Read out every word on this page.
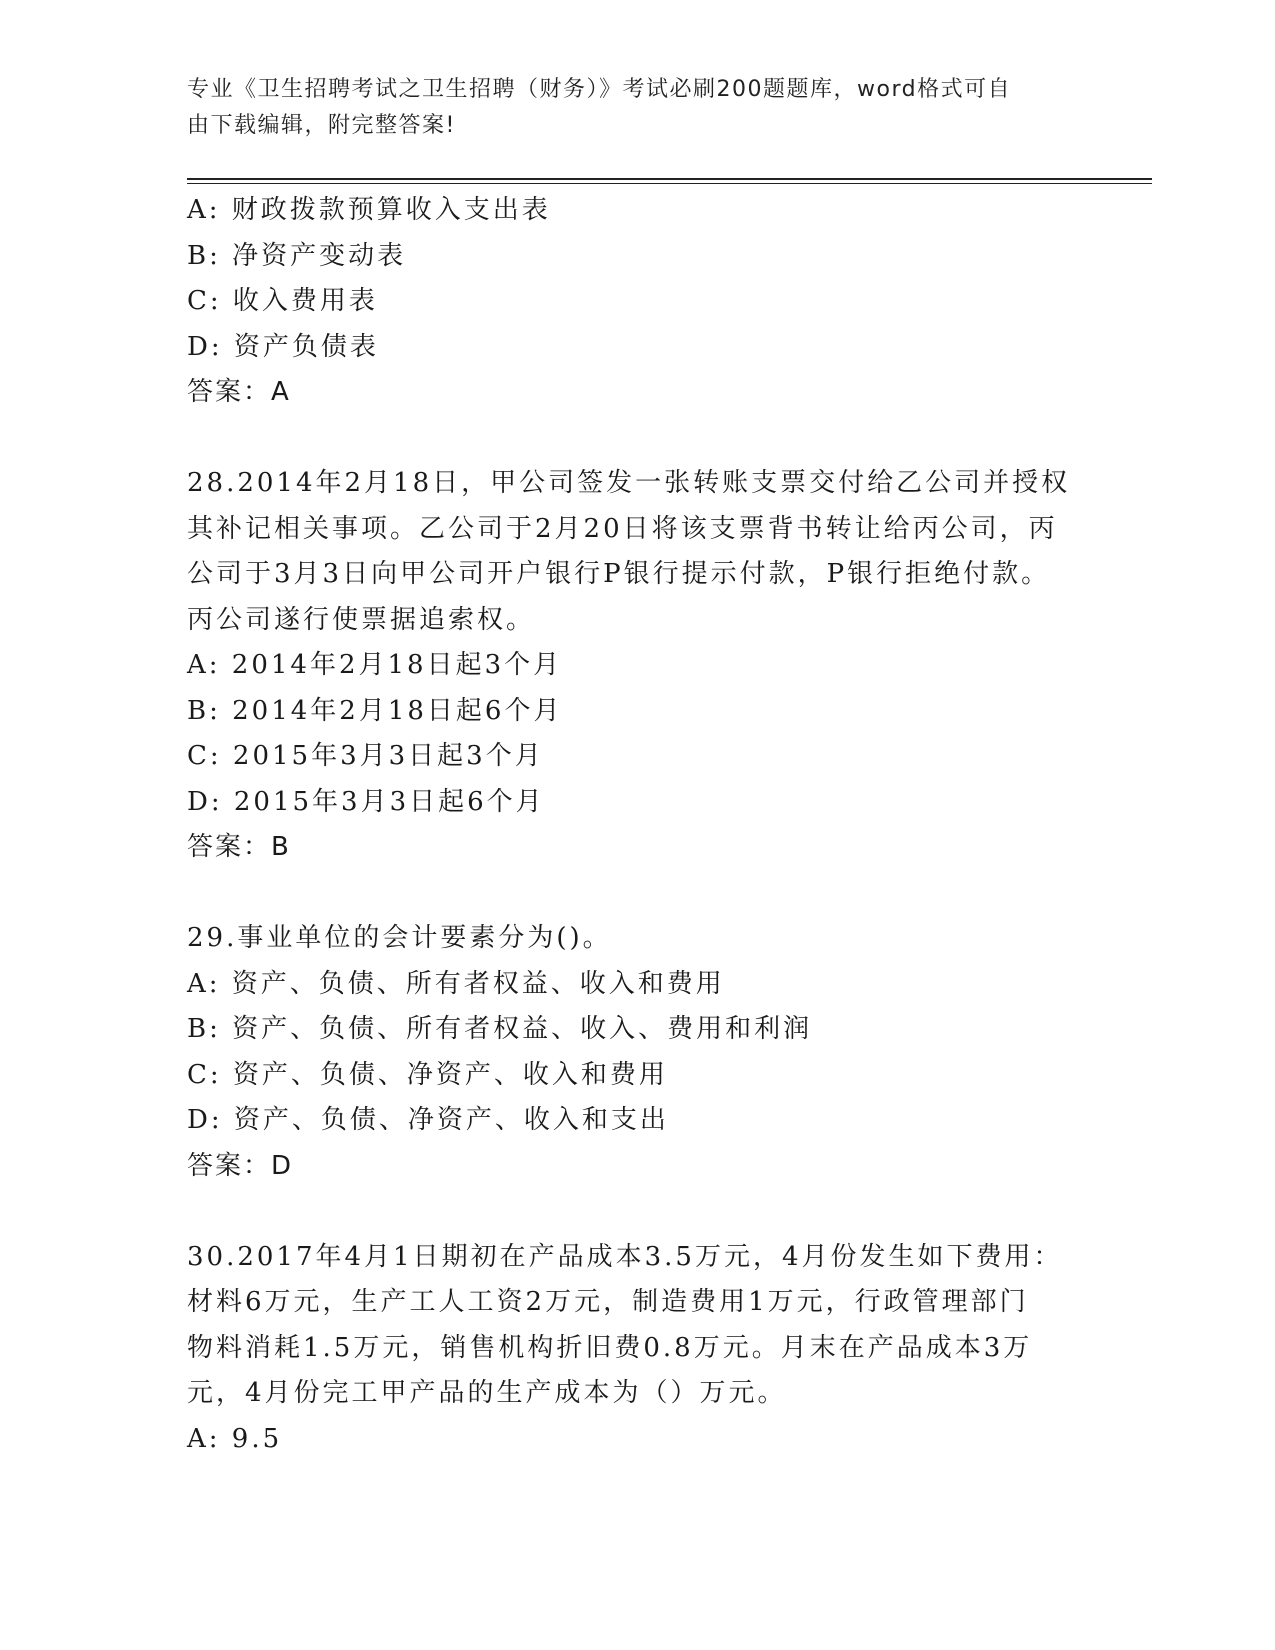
专业《卫生招聘考试之卫生招聘（财务）》考试必刷200题题库，word格式可自
由下载编辑，附完整答案!

A: 财政拨款预算收入支出表

B: 净资产变动表

C: 收入费用表

D: 资产负债表

答案：A

28.2014年2月18日，甲公司签发一张转账支票交付给乙公司并授权

其补记相关事项。乙公司于2月20日将该支票背书转让给丙公司，丙

公司于3月3日向甲公司开户银行P银行提示付款，P银行拒绝付款。

丙公司遂行使票据追索权。

A: 2014年2月18日起3个月

B: 2014年2月18日起6个月

C: 2015年3月3日起3个月

D: 2015年3月3日起6个月

答案：B

29.事业单位的会计要素分为()。

A: 资产、负债、所有者权益、收入和费用

B: 资产、负债、所有者权益、收入、费用和利润

C: 资产、负债、净资产、收入和费用

D: 资产、负债、净资产、收入和支出

答案：D

30.2017年4月1日期初在产品成本3.5万元，4月份发生如下费用：

材料6万元，生产工人工资2万元，制造费用1万元，行政管理部门

物料消耗1.5万元，销售机构折旧费0.8万元。月末在产品成本3万

元，4月份完工甲产品的生产成本为（）万元。

A: 9.5
